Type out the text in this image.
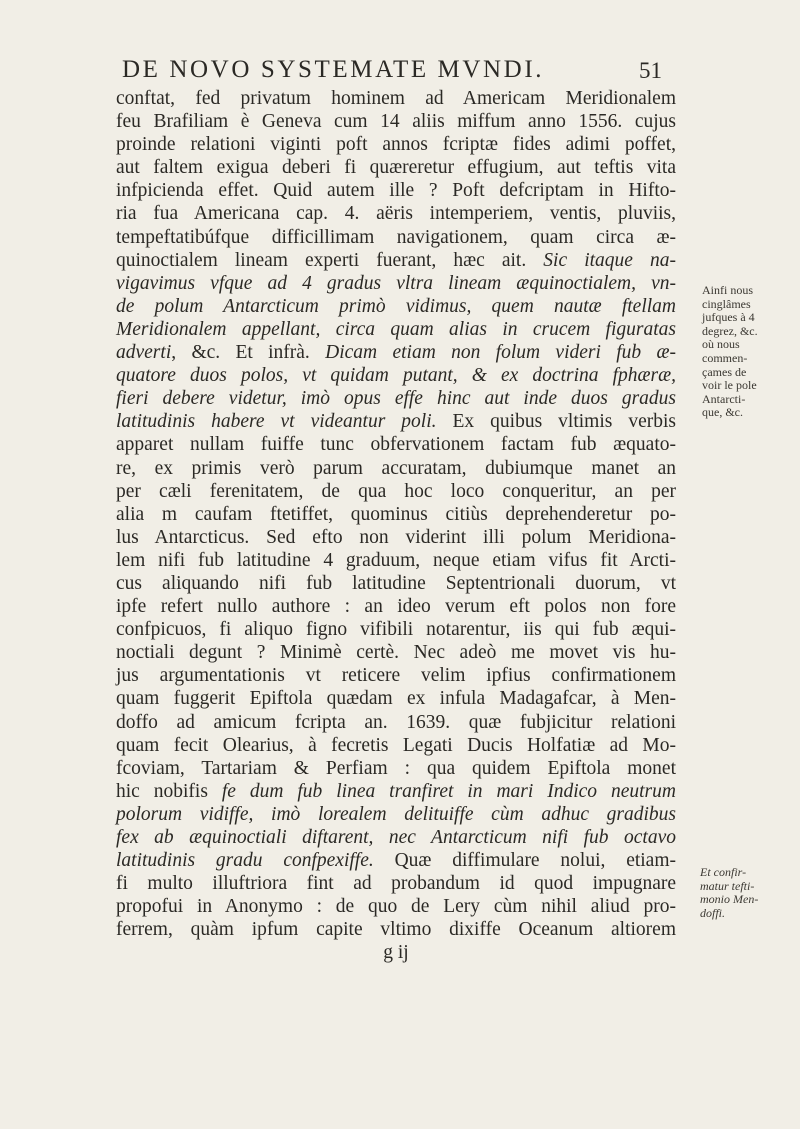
DE NOVO SYSTEMATE MVNDI.	51
conftat, fed privatum hominem ad Americam Meridionalem
feu Brafiliam è Geneva cum 14 aliis miffum anno 1556. cujus
proinde relationi viginti poft annos fcriptæ fides adimi poffet,
aut faltem exigua deberi fi quæreretur effugium, aut teftis vita
infpicienda effet. Quid autem ille ? Poft defcriptam in Hifto-
ria fua Americana cap. 4. aëris intemperiem, ventis, pluviis,
tempeftatibúfque difficillimam navigationem, quam circa æ-
quinoctialem lineam experti fuerant, hæc ait. Sic itaque na-
vigavimus vfque ad 4 gradus vltra lineam æquinoctialem, vn-
de polum Antarcticum primò vidimus, quem nautæ ftellam
Meridionalem appellant, circa quam alias in crucem figuratas
adverti, &c. Et infrà. Dicam etiam non folum videri fub æ-
quatore duos polos, vt quidam putant, & ex doctrina fphæræ,
fieri debere videtur, imò opus effe hinc aut inde duos gradus
latitudinis habere vt videantur poli. Ex quibus vltimis verbis
apparet nullam fuiffe tunc obfervationem factam fub æquato-
re, ex primis verò parum accuratam, dubiumque manet an
per cæli ferenitatem, de qua hoc loco conqueritur, an per
alia m caufam ftetiffet, quominus citiùs deprehenderetur po-
lus Antarcticus. Sed efto non viderint illi polum Meridiona-
lem nifi fub latitudine 4 graduum, neque etiam vifus fit Arcti-
cus aliquando nifi fub latitudine Septentrionali duorum, vt
ipfe refert nullo authore : an ideo verum eft polos non fore
confpicuos, fi aliquo figno vifibili notarentur, iis qui fub æqui-
noctiali degunt ? Minimè certè. Nec adeò me movet vis hu-
jus argumentationis vt reticere velim ipfius confirmationem
quam fuggerit Epiftola quædam ex infula Madagafcar, à Men-
doffo ad amicum fcripta an. 1639. quæ fubjicitur relationi
quam fecit Olearius, à fecretis Legati Ducis Holfatiæ ad Mo-
fcoviam, Tartariam & Perfiam : qua quidem Epiftola monet
hic nobifis fe dum fub linea tranfiret in mari Indico neutrum
polorum vidiffe, imò lorealem delituiffe cùm adhuc gradibus
fex ab æquinoctiali diftarent, nec Antarcticum nifi fub octavo
latitudinis gradu confpexiffe. Quæ diffimulare nolui, etiam-
fi multo illuftriora fint ad probandum id quod impugnare
propofui in Anonymo : de quo de Lery cùm nihil aliud pro-
ferrem, quàm ipfum capite vltimo dixiffe Oceanum altiorem
g ij
Ainfi nous
cinglâmes
jufques à 4
degrez, &c.
où nous
commen-
çames de
voir le pole
Antarcti-
que, &c.
Et confir-
matur tefti-
monio Men-
doffi.
